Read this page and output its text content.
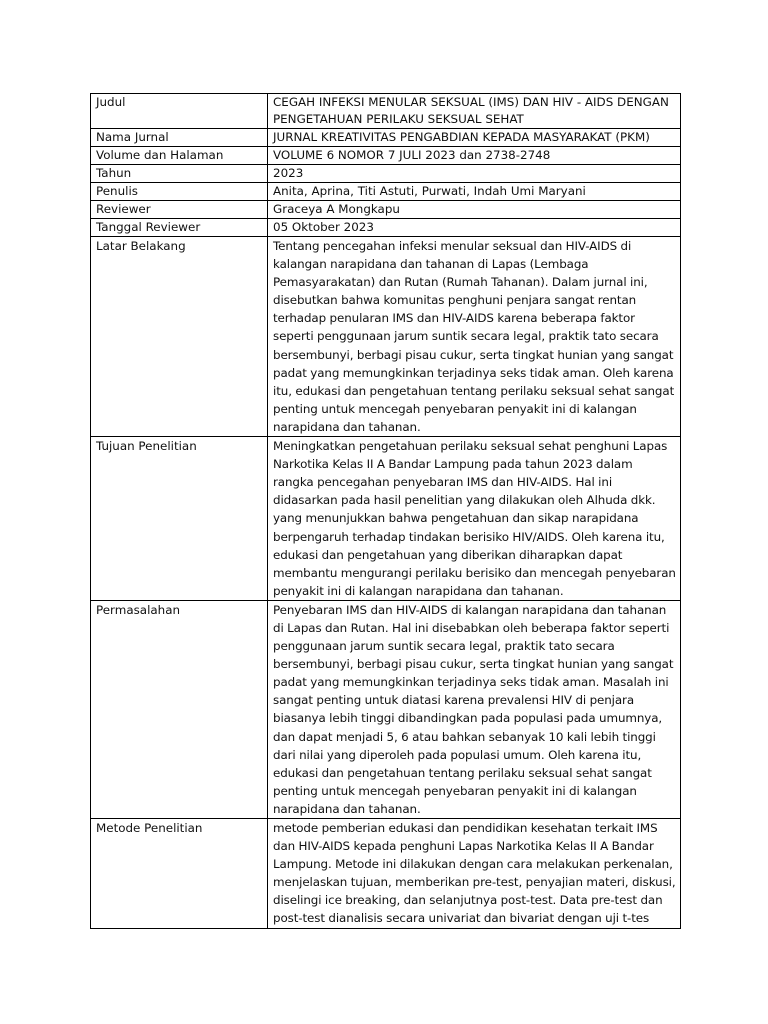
Judul	CEGAH INFEKSI MENULAR SEKSUAL (IMS) DAN HIV - AIDS DENGAN PENGETAHUAN PERILAKU SEKSUAL SEHAT
Nama Jurnal	JURNAL KREATIVITAS PENGABDIAN KEPADA MASYARAKAT (PKM)
Volume dan Halaman	VOLUME 6 NOMOR 7 JULI 2023 dan 2738-2748
Tahun	2023
Penulis	Anita, Aprina, Titi Astuti, Purwati, Indah Umi Maryani
Reviewer	Graceya A Mongkapu
Tanggal Reviewer	05 Oktober 2023
Latar Belakang	Tentang pencegahan infeksi menular seksual dan HIV-AIDS di kalangan narapidana dan tahanan di Lapas (Lembaga Pemasyarakatan) dan Rutan (Rumah Tahanan). Dalam jurnal ini, disebutkan bahwa komunitas penghuni penjara sangat rentan terhadap penularan IMS dan HIV-AIDS karena beberapa faktor seperti penggunaan jarum suntik secara legal, praktik tato secara bersembunyi, berbagi pisau cukur, serta tingkat hunian yang sangat padat yang memungkinkan terjadinya seks tidak aman. Oleh karena itu, edukasi dan pengetahuan tentang perilaku seksual sehat sangat penting untuk mencegah penyebaran penyakit ini di kalangan narapidana dan tahanan.
Tujuan Penelitian	Meningkatkan pengetahuan perilaku seksual sehat penghuni Lapas Narkotika Kelas II A Bandar Lampung pada tahun 2023 dalam rangka pencegahan penyebaran IMS dan HIV-AIDS. Hal ini didasarkan pada hasil penelitian yang dilakukan oleh Alhuda dkk. yang menunjukkan bahwa pengetahuan dan sikap narapidana berpengaruh terhadap tindakan berisiko HIV/AIDS. Oleh karena itu, edukasi dan pengetahuan yang diberikan diharapkan dapat membantu mengurangi perilaku berisiko dan mencegah penyebaran penyakit ini di kalangan narapidana dan tahanan.
Permasalahan	Penyebaran IMS dan HIV-AIDS di kalangan narapidana dan tahanan di Lapas dan Rutan. Hal ini disebabkan oleh beberapa faktor seperti penggunaan jarum suntik secara legal, praktik tato secara bersembunyi, berbagi pisau cukur, serta tingkat hunian yang sangat padat yang memungkinkan terjadinya seks tidak aman. Masalah ini sangat penting untuk diatasi karena prevalensi HIV di penjara biasanya lebih tinggi dibandingkan pada populasi pada umumnya, dan dapat menjadi 5, 6 atau bahkan sebanyak 10 kali lebih tinggi dari nilai yang diperoleh pada populasi umum. Oleh karena itu, edukasi dan pengetahuan tentang perilaku seksual sehat sangat penting untuk mencegah penyebaran penyakit ini di kalangan narapidana dan tahanan.
Metode Penelitian	metode pemberian edukasi dan pendidikan kesehatan terkait IMS dan HIV-AIDS kepada penghuni Lapas Narkotika Kelas II A Bandar Lampung. Metode ini dilakukan dengan cara melakukan perkenalan, menjelaskan tujuan, memberikan pre-test, penyajian materi, diskusi, diselingi ice breaking, dan selanjutnya post-test. Data pre-test dan post-test dianalisis secara univariat dan bivariat dengan uji t-tes
